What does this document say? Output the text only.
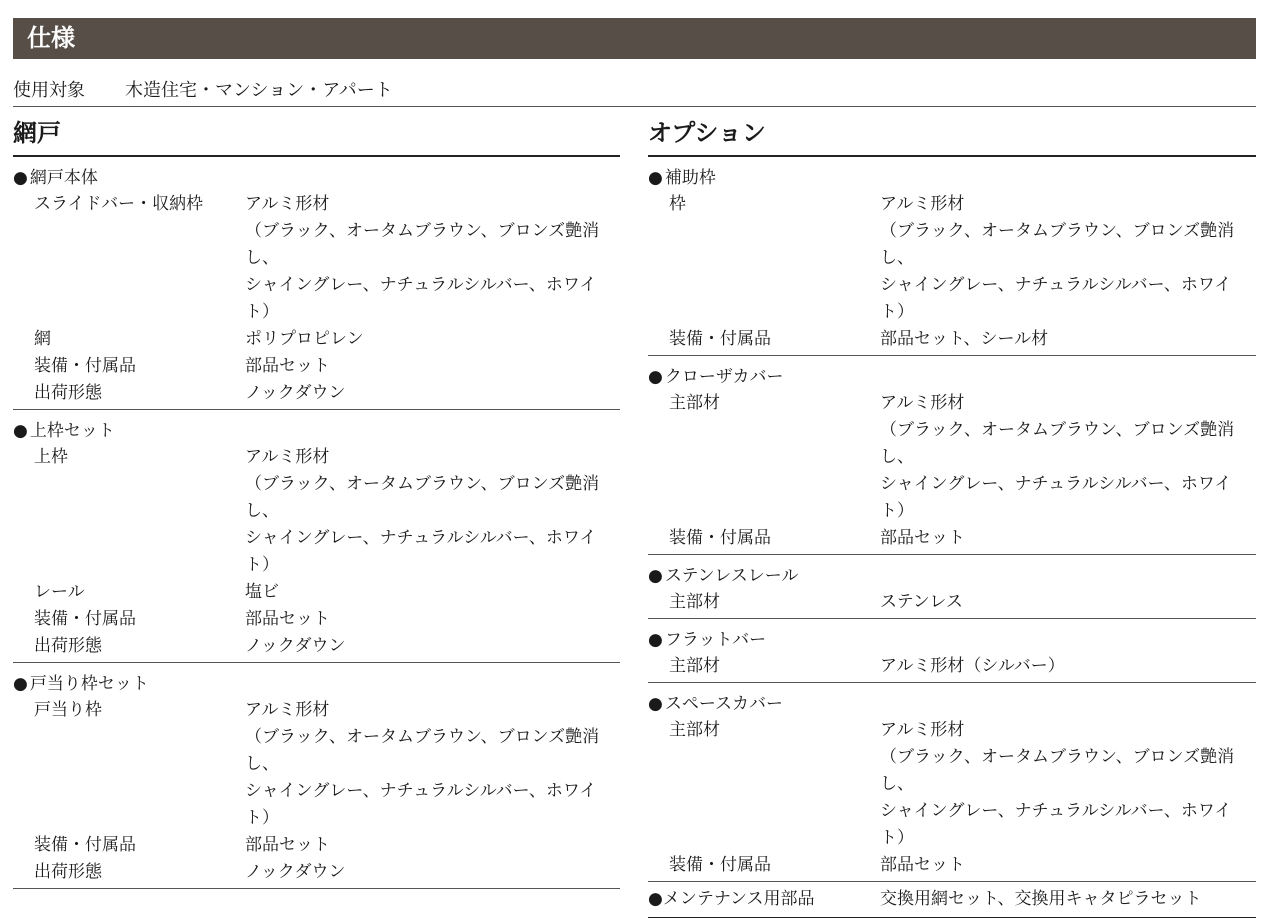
仕様
使用対象 木造住宅・マンション・アパート
網戸
● 網戸本体
スライドバー・収納枠	アルミ形材
（ブラック、オータムブラウン、ブロンズ艶消し、
シャイングレー、ナチュラルシルバー、ホワイト）
網	ポリプロピレン
装備・付属品	部品セット
出荷形態	ノックダウン
● 上枠セット
上枠	アルミ形材
（ブラック、オータムブラウン、ブロンズ艶消し、
シャイングレー、ナチュラルシルバー、ホワイト）
レール	塩ビ
装備・付属品	部品セット
出荷形態	ノックダウン
● 戸当り枠セット
戸当り枠	アルミ形材
（ブラック、オータムブラウン、ブロンズ艶消し、
シャイングレー、ナチュラルシルバー、ホワイト）
装備・付属品	部品セット
出荷形態	ノックダウン
オプション
● 補助枠
枠	アルミ形材
（ブラック、オータムブラウン、ブロンズ艶消し、
シャイングレー、ナチュラルシルバー、ホワイト）
装備・付属品	部品セット、シール材
● クローザカバー
主部材	アルミ形材
（ブラック、オータムブラウン、ブロンズ艶消し、
シャイングレー、ナチュラルシルバー、ホワイト）
装備・付属品	部品セット
● ステンレスレール
主部材	ステンレス
● フラットバー
主部材	アルミ形材（シルバー）
● スペースカバー
主部材	アルミ形材
（ブラック、オータムブラウン、ブロンズ艶消し、
シャイングレー、ナチュラルシルバー、ホワイト）
装備・付属品	部品セット
●メンテナンス用部品	交換用網セット、交換用キャタピラセット
